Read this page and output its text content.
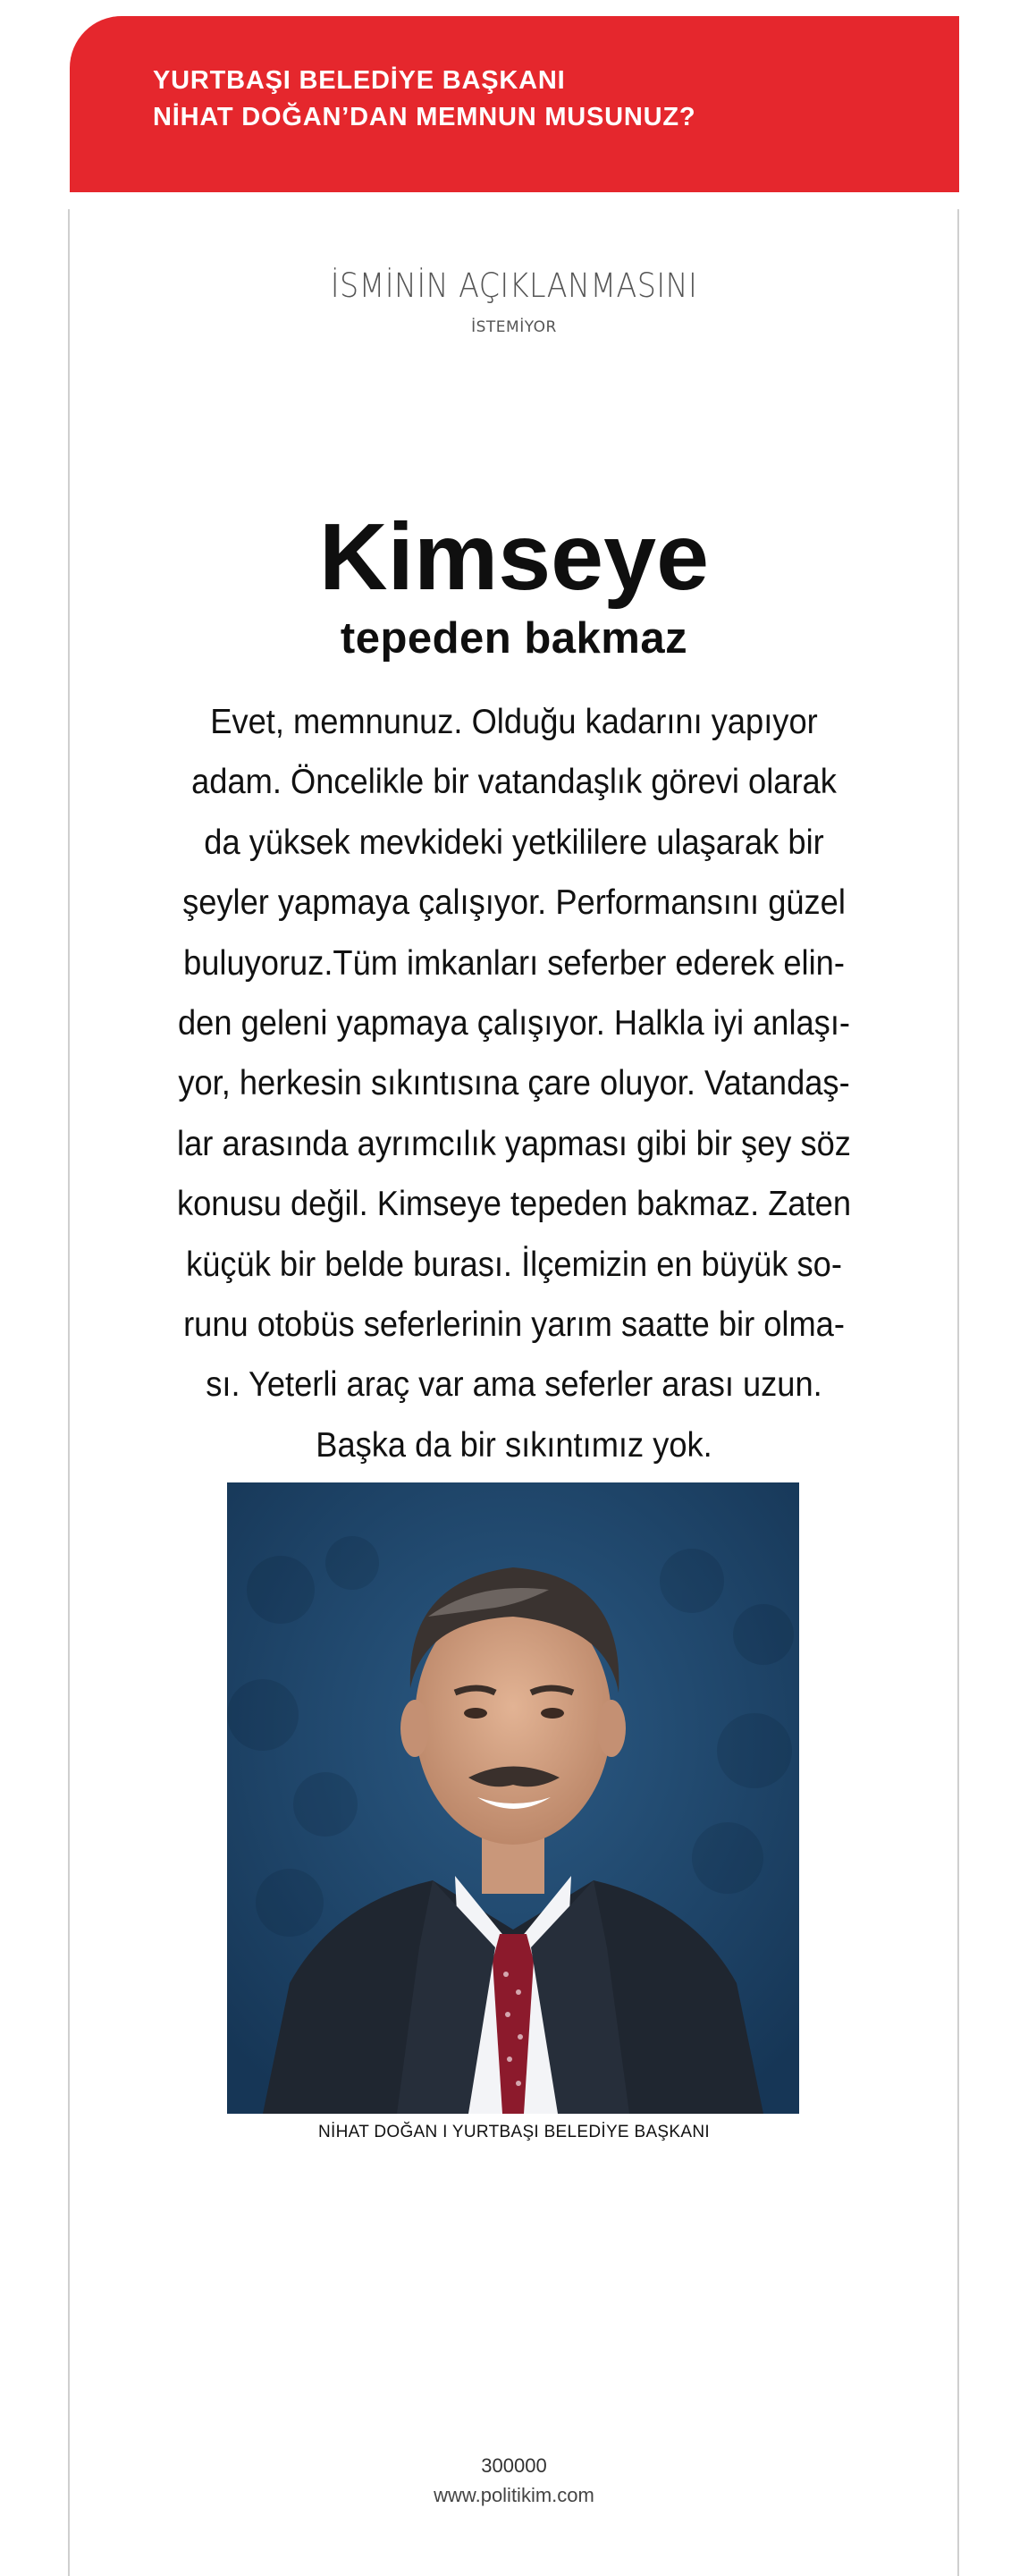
YURTBAŞI BELEDİYE BAŞKANI
NİHAT DOĞAN’DAN MEMNUN MUSUNUZ?
İSMİNİN AÇIKLANMASINI
İSTEMİYOR
Kimseye
tepeden bakmaz
Evet, memnunuz. Olduğu kadarını yapıyor
adam. Öncelikle bir vatandaşlık görevi olarak
da yüksek mevkideki yetkililere ulaşarak bir
şeyler yapmaya çalışıyor. Performansını güzel
buluyoruz.Tüm imkanları seferber ederek elin-
den geleni yapmaya çalışıyor. Halkla iyi anlaşı-
yor, herkesin sıkıntısına çare oluyor. Vatandaş-
lar arasında ayrımcılık yapması gibi bir şey söz
konusu değil. Kimseye tepeden bakmaz. Zaten
küçük bir belde burası. İlçemizin en büyük so-
runu otobüs seferlerinin yarım saatte bir olma-
sı. Yeterli araç var ama seferler arası uzun.
Başka da bir sıkıntımız yok.
NİHAT DOĞAN I YURTBAŞI BELEDİYE BAŞKANI
300000
www.politikim.com
